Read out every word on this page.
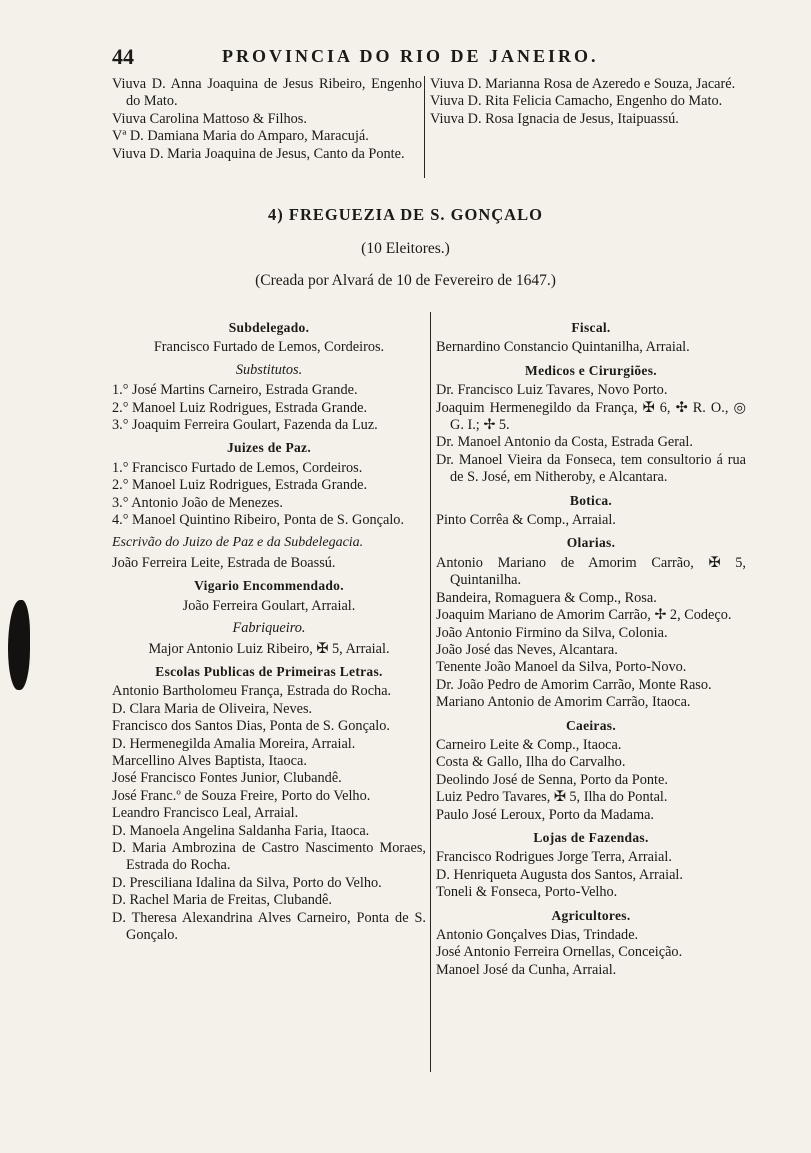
44	PROVINCIA DO RIO DE JANEIRO.
Viuva D. Anna Joaquina de Jesus Ribeiro, Engenho do Mato.
Viuva Carolina Mattoso & Filhos.
Vª D. Damiana Maria do Amparo, Maracujá.
Viuva D. Maria Joaquina de Jesus, Canto da Ponte.
Viuva D. Marianna Rosa de Azeredo e Souza, Jacaré.
Viuva D. Rita Felicia Camacho, Engenho do Mato.
Viuva D. Rosa Ignacia de Jesus, Itaipuassú.
4) FREGUEZIA DE S. GONÇALO
(10 Eleitores.)
(Creada por Alvará de 10 de Fevereiro de 1647.)
Subdelegado.
Francisco Furtado de Lemos, Cordeiros.
Substitutos.
1.° José Martins Carneiro, Estrada Grande.
2.° Manoel Luiz Rodrigues, Estrada Grande.
3.° Joaquim Ferreira Goulart, Fazenda da Luz.
Juizes de Paz.
1.° Francisco Furtado de Lemos, Cordeiros.
2.° Manoel Luiz Rodrigues, Estrada Grande.
3.° Antonio João de Menezes.
4.° Manoel Quintino Ribeiro, Ponta de S. Gonçalo.
Escrivão do Juizo de Paz e da Subdelegacia.
João Ferreira Leite, Estrada de Boassú.
Vigario Encommendado.
João Ferreira Goulart, Arraial.
Fabriqueiro.
Major Antonio Luiz Ribeiro, ✠ 5, Arraial.
Escolas Publicas de Primeiras Letras.
Antonio Bartholomeu França, Estrada do Rocha.
D. Clara Maria de Oliveira, Neves.
Francisco dos Santos Dias, Ponta de S. Gonçalo.
D. Hermenegilda Amalia Moreira, Arraial.
Marcellino Alves Baptista, Itaoca.
José Francisco Fontes Junior, Clubandê.
José Franc.º de Souza Freire, Porto do Velho.
Leandro Francisco Leal, Arraial.
D. Manoela Angelina Saldanha Faria, Itaoca.
D. Maria Ambrozina de Castro Nascimento Moraes, Estrada do Rocha.
D. Presciliana Idalina da Silva, Porto do Velho.
D. Rachel Maria de Freitas, Clubandê.
D. Theresa Alexandrina Alves Carneiro, Ponta de S. Gonçalo.
Fiscal.
Bernardino Constancio Quintanilha, Arraial.
Medicos e Cirurgiões.
Dr. Francisco Luiz Tavares, Novo Porto.
Joaquim Hermenegildo da França, ✠ 6, ✣ R. O., ◎ G. I.; ✢ 5.
Dr. Manoel Antonio da Costa, Estrada Geral.
Dr. Manoel Vieira da Fonseca, tem consultorio á rua de S. José, em Nitheroby, e Alcantara.
Botica.
Pinto Corrêa & Comp., Arraial.
Olarias.
Antonio Mariano de Amorim Carrão, ✠ 5, Quintanilha.
Bandeira, Romaguera & Comp., Rosa.
Joaquim Mariano de Amorim Carrão, ✢ 2, Codeço.
João Antonio Firmino da Silva, Colonia.
João José das Neves, Alcantara.
Tenente João Manoel da Silva, Porto-Novo.
Dr. João Pedro de Amorim Carrão, Monte Raso.
Mariano Antonio de Amorim Carrão, Itaoca.
Caeiras.
Carneiro Leite & Comp., Itaoca.
Costa & Gallo, Ilha do Carvalho.
Deolindo José de Senna, Porto da Ponte.
Luiz Pedro Tavares, ✠ 5, Ilha do Pontal.
Paulo José Leroux, Porto da Madama.
Lojas de Fazendas.
Francisco Rodrigues Jorge Terra, Arraial.
D. Henriqueta Augusta dos Santos, Arraial.
Toneli & Fonseca, Porto-Velho.
Agricultores.
Antonio Gonçalves Dias, Trindade.
José Antonio Ferreira Ornellas, Conceição.
Manoel José da Cunha, Arraial.
